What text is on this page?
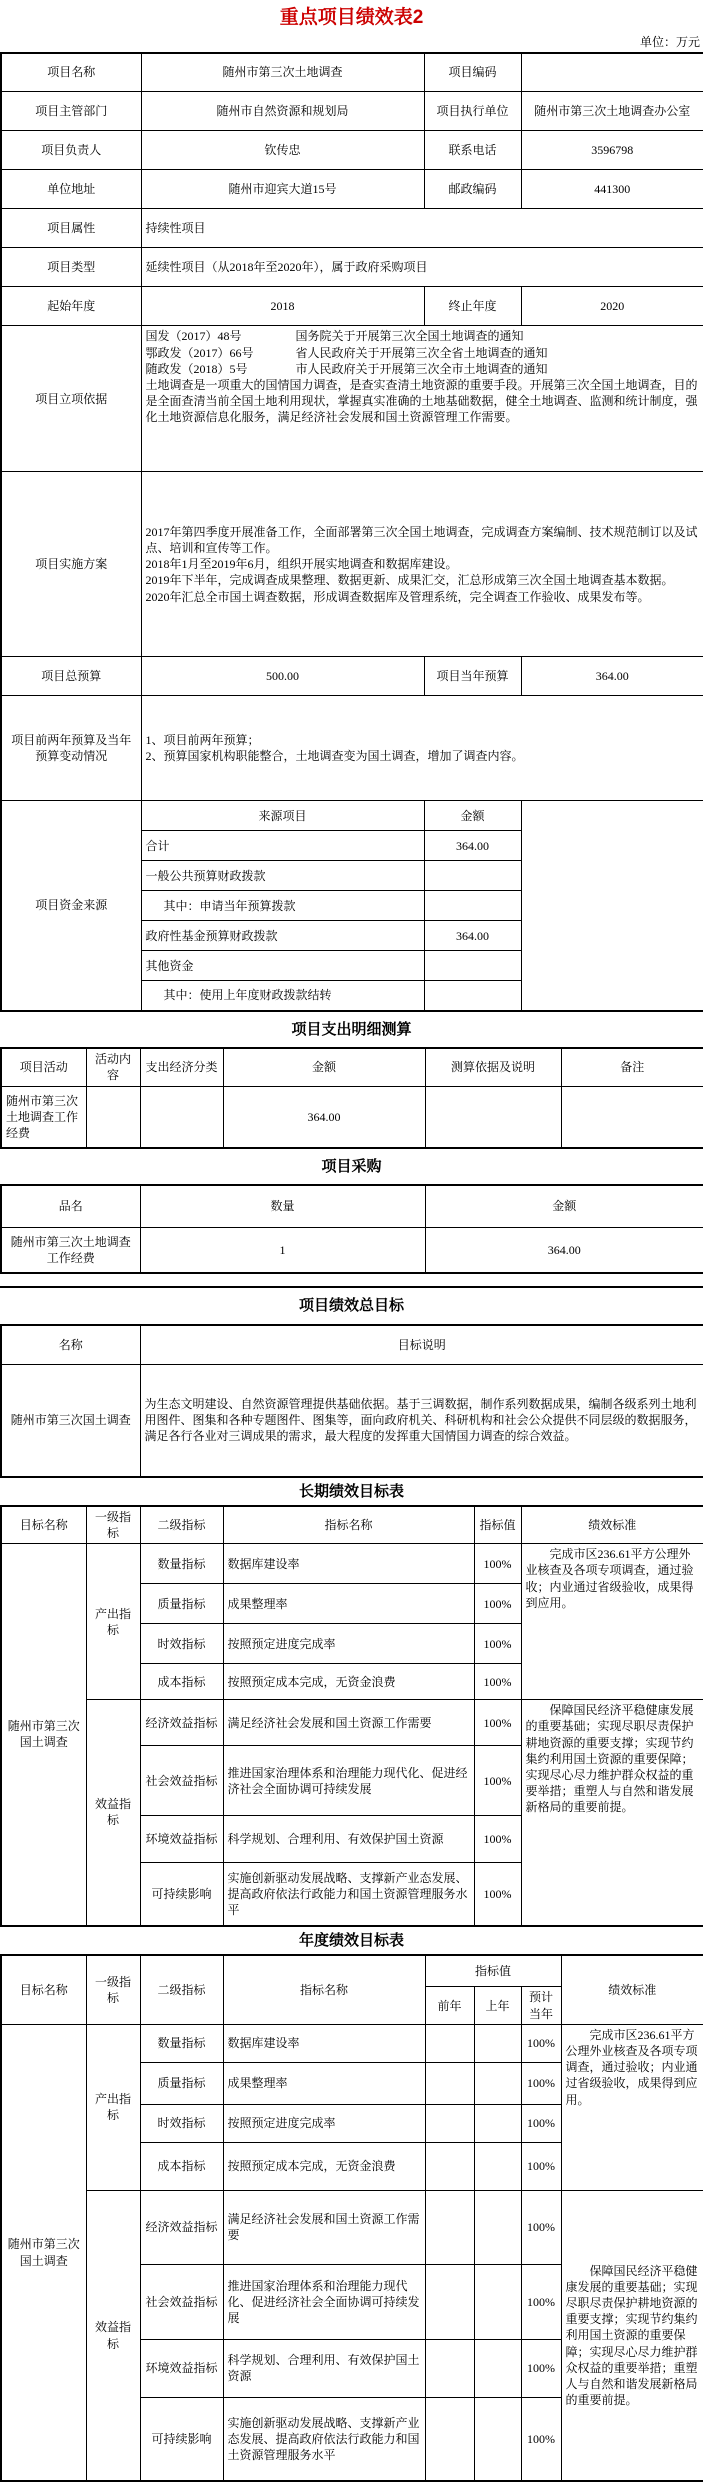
重点项目绩效表2
单位：万元
项目名称	随州市第三次土地调查	项目编码	
项目主管部门	随州市自然资源和规划局	项目执行单位	随州市第三次土地调查办公室
项目负责人	钦传忠	联系电话	3596798
单位地址	随州市迎宾大道15号	邮政编码	441300
项目属性	持续性项目		
项目类型	延续性项目（从2018年至2020年），属于政府采购项目		
起始年度	2018	终止年度	2020
项目立项依据	国发（2017）48号 国务院关于开展第三次全国土地调查的通知
鄂政发（2017）66号 省人民政府关于开展第三次全省土地调查的通知
随政发（2018）5号 市人民政府关于开展第三次全市土地调查的通知
土地调查是一项重大的国情国力调查，是查实查清土地资源的重要手段。开展第三次全国土地调查，目的是全面查清当前全国土地利用现状，掌握真实准确的土地基础数据，健全土地调查、监测和统计制度，强化土地资源信息化服务，满足经济社会发展和国土资源管理工作需要。		

项目实施方案	2017年第四季度开展准备工作，全面部署第三次全国土地调查，完成调查方案编制、技术规范制订以及试点、培训和宣传等工作。
2018年1月至2019年6月，组织开展实地调查和数据库建设。
2019年下半年，完成调查成果整理、数据更新、成果汇交，汇总形成第三次全国土地调查基本数据。
2020年汇总全市国土调查数据，形成调查数据库及管理系统，完全调查工作验收、成果发布等。		

项目总预算	500.00	项目当年预算	364.00
项目前两年预算及当年预算变动情况	1、项目前两年预算；
2、预算国家机构职能整合，土地调查变为国土调查，增加了调查内容。		

项目资金来源	来源项目	金额	
	合计	364.00	
	一般公共预算财政拨款		
	其中：申请当年预算拨款		
	政府性基金预算财政拨款	364.00	
	其他资金		
	其中：使用上年度财政拨款结转		
项目支出明细测算
项目活动	活动内容	支出经济分类	金额	测算依据及说明	备注
随州市第三次土地调查工作经费			364.00		
项目采购
品名	数量	金额
随州市第三次土地调查工作经费	1	364.00
项目绩效总目标
名称	目标说明
随州市第三次国土调查	为生态文明建设、自然资源管理提供基础依据。基于三调数据，制作系列数据成果，编制各级系列土地利用图件、图集和各种专题图件、图集等，面向政府机关、科研机构和社会公众提供不同层级的数据服务，满足各行各业对三调成果的需求，最大程度的发挥重大国情国力调查的综合效益。
长期绩效目标表
目标名称	一级指标	二级指标	指标名称	指标值	绩效标准
随州市第三次国土调查	产出指标	数量指标	数据库建设率	100%	完成市区236.61平方公理外业核查及各项专项调查，通过验收；内业通过省级验收，成果得到应用。

		质量指标	成果整理率	100%	
		时效指标	按照预定进度完成率	100%	
		成本指标	按照预定成本完成，无资金浪费	100%	
	效益指标	经济效益指标	满足经济社会发展和国土资源工作需要	100%	保障国民经济平稳健康发展的重要基础；实现尽职尽责保护耕地资源的重要支撑；实现节约集约利用国土资源的重要保障；实现尽心尽力维护群众权益的重要举措；重塑人与自然和谐发展新格局的重要前提。

		社会效益指标	推进国家治理体系和治理能力现代化、促进经济社会全面协调可持续发展	100%	
		环境效益指标	科学规划、合理利用、有效保护国土资源	100%	
		可持续影响	实施创新驱动发展战略、支撑新产业态发展、提高政府依法行政能力和国土资源管理服务水平	100%	
年度绩效目标表
目标名称	一级指标	二级指标	指标名称	指标值			绩效标准
				前年	上年	预计当年	
随州市第三次国土调查	产出指标	数量指标	数据库建设率			100%	完成市区236.61平方公理外业核查及各项专项调查，通过验收；内业通过省级验收，成果得到应用。

		质量指标	成果整理率			100%	
		时效指标	按照预定进度完成率			100%	
		成本指标	按照预定成本完成，无资金浪费			100%	
	效益指标	经济效益指标	满足经济社会发展和国土资源工作需要			100%	保障国民经济平稳健康发展的重要基础；实现尽职尽责保护耕地资源的重要支撑；实现节约集约利用国土资源的重要保障；实现尽心尽力维护群众权益的重要举措；重塑人与自然和谐发展新格局的重要前提。

		社会效益指标	推进国家治理体系和治理能力现代化、促进经济社会全面协调可持续发展			100%	
		环境效益指标	科学规划、合理利用、有效保护国土资源			100%	
		可持续影响	实施创新驱动发展战略、支撑新产业态发展、提高政府依法行政能力和国土资源管理服务水平			100%	
